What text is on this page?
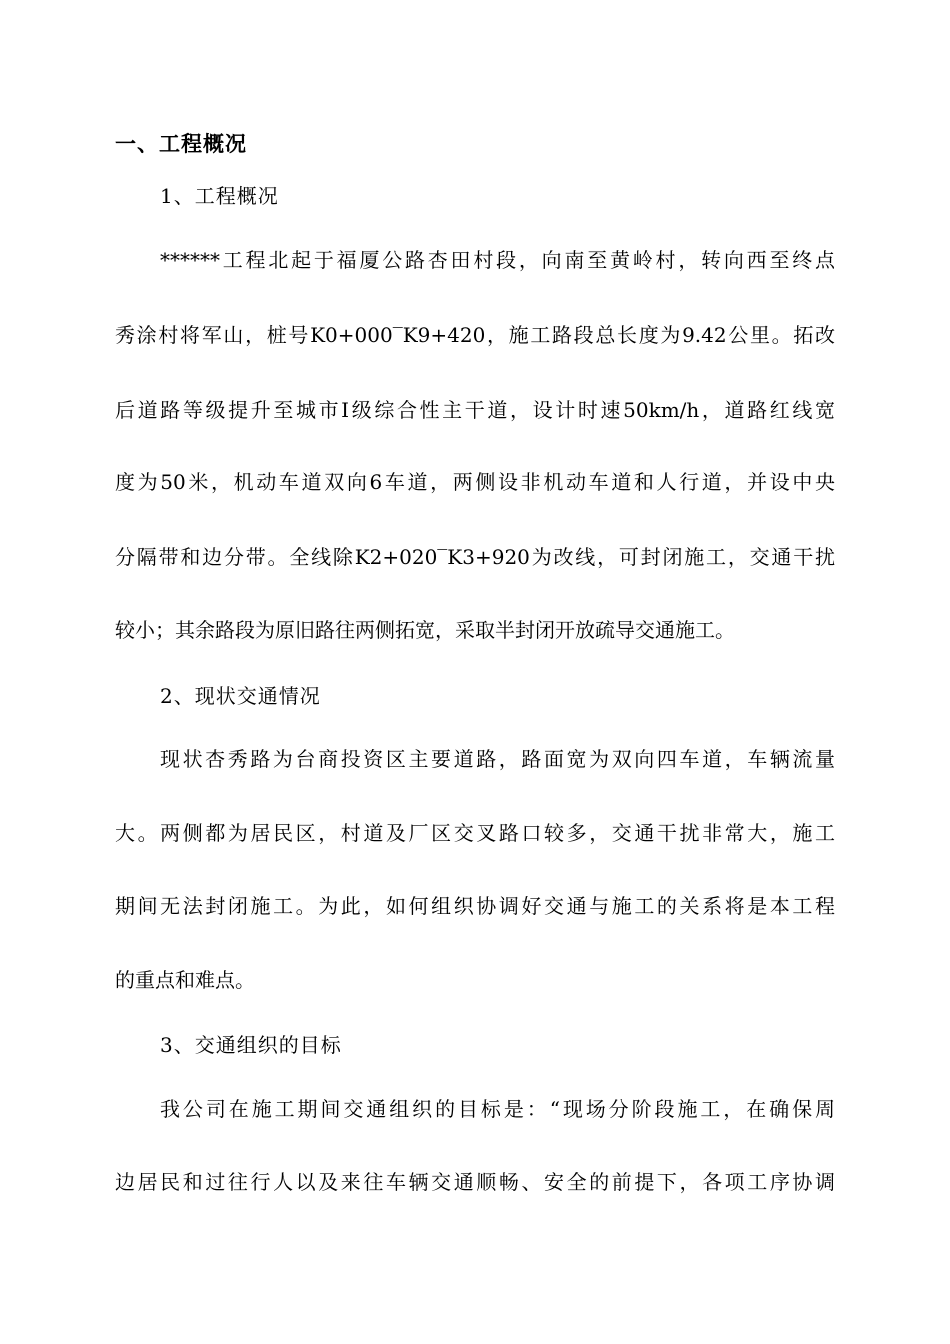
一、工程概况
1、工程概况
******工程北起于福厦公路杏田村段，向南至黄岭村，转向西至终点
秀涂村将军山，桩号K0+000‾K9+420，施工路段总长度为9.42公里。拓改
后道路等级提升至城市Ⅰ级综合性主干道，设计时速50km/h，道路红线宽
度为50米，机动车道双向6车道，两侧设非机动车道和人行道，并设中央
分隔带和边分带。全线除K2+020‾K3+920为改线，可封闭施工，交通干扰
较小；其余路段为原旧路往两侧拓宽，采取半封闭开放疏导交通施工。
2、现状交通情况
现状杏秀路为台商投资区主要道路，路面宽为双向四车道，车辆流量
大。两侧都为居民区，村道及厂区交叉路口较多，交通干扰非常大，施工
期间无法封闭施工。为此，如何组织协调好交通与施工的关系将是本工程
的重点和难点。
3、交通组织的目标
我公司在施工期间交通组织的目标是：“现场分阶段施工，在确保周
边居民和过往行人以及来往车辆交通顺畅、安全的前提下，各项工序协调
